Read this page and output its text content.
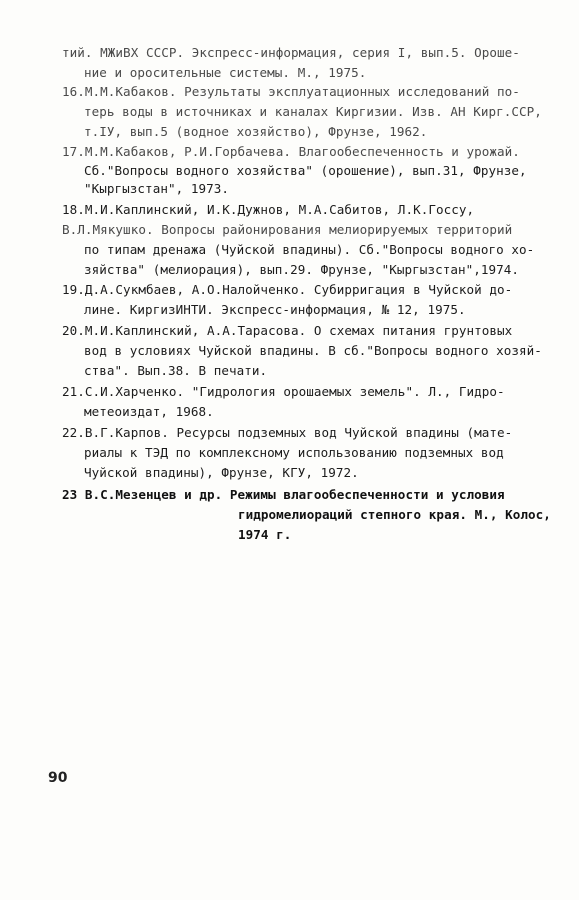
тий. МЖиВХ СССР. Экспресс-информация, серия I, вып.5. Ороше-
ние и оросительные системы. М., 1975.
16.М.М.Кабаков. Результаты эксплуатационных исследований по-
терь воды в источниках и каналах Киргизии. Изв. АН Кирг.ССР,
т.IУ, вып.5 (водное хозяйство), Фрунзе, 1962.
17.М.М.Кабаков, Р.И.Горбачева. Влагообеспеченность и урожай.
Сб."Вопросы водного хозяйства" (орошение), вып.31, Фрунзе,
"Кыргызстан", 1973.
18.М.И.Каплинский, И.К.Дужнов, М.А.Сабитов, Л.К.Госсу,
В.Л.Мякушко. Вопросы районирования мелиорируемых территорий
по типам дренажа (Чуйской впадины). Сб."Вопросы водного хо-
зяйства" (мелиорация), вып.29. Фрунзе, "Кыргызстан",1974.
19.Д.А.Сукмбаев, А.О.Налойченко. Субирригация в Чуйской до-
лине. КиргизИНТИ. Экспресс-информация, № 12, 1975.
20.М.И.Каплинский, А.А.Тарасова. О схемах питания грунтовых
вод в условиях Чуйской впадины. В сб."Вопросы водного хозяй-
ства". Вып.38. В печати.
21.С.И.Харченко. "Гидрология орошаемых земель". Л., Гидро-
метеоиздат, 1968.
22.В.Г.Карпов. Ресурсы подземных вод Чуйской впадины (мате-
риалы к ТЭД по комплексному использованию подземных вод
Чуйской впадины), Фрунзе, КГУ, 1972.
23 В.С.Мезенцев и др. Режимы влагообеспеченности и условия
гидромелиораций степного края. М., Колос,
1974 г.
90
